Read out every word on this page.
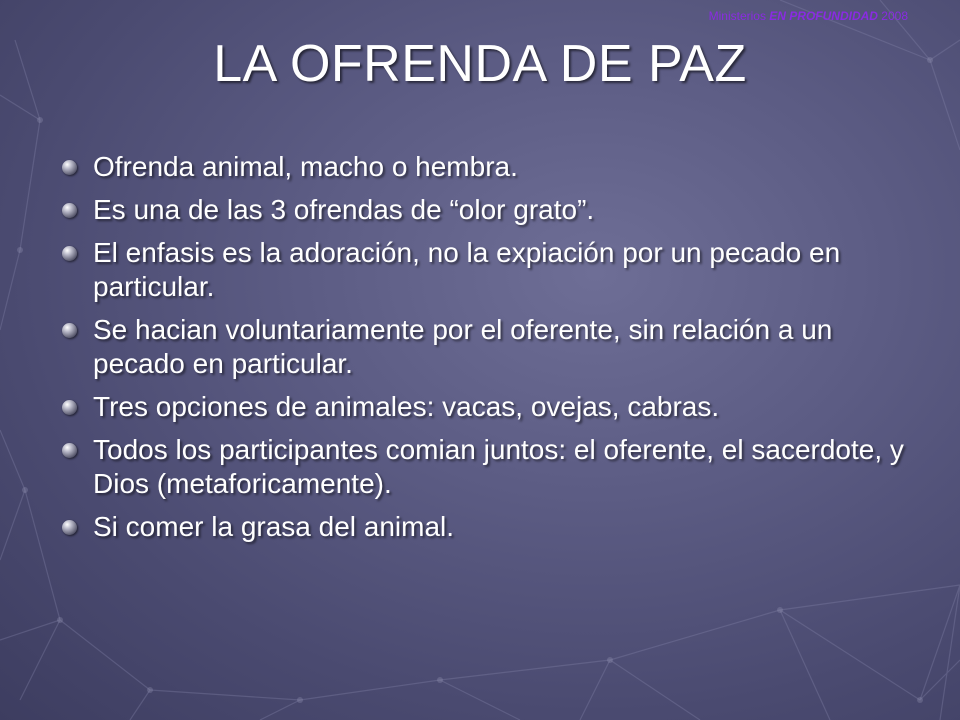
Ministerios EN PROFUNDIDAD 2008
LA OFRENDA DE PAZ
Ofrenda animal, macho o hembra.
Es una de las 3 ofrendas de “olor grato”.
El enfasis es la adoración, no la expiación por un pecado en particular.
Se hacian voluntariamente por el oferente, sin relación a un pecado en particular.
Tres opciones de animales: vacas, ovejas, cabras.
Todos los participantes comian juntos: el oferente, el sacerdote, y Dios (metaforicamente).
Si comer la grasa del animal.
